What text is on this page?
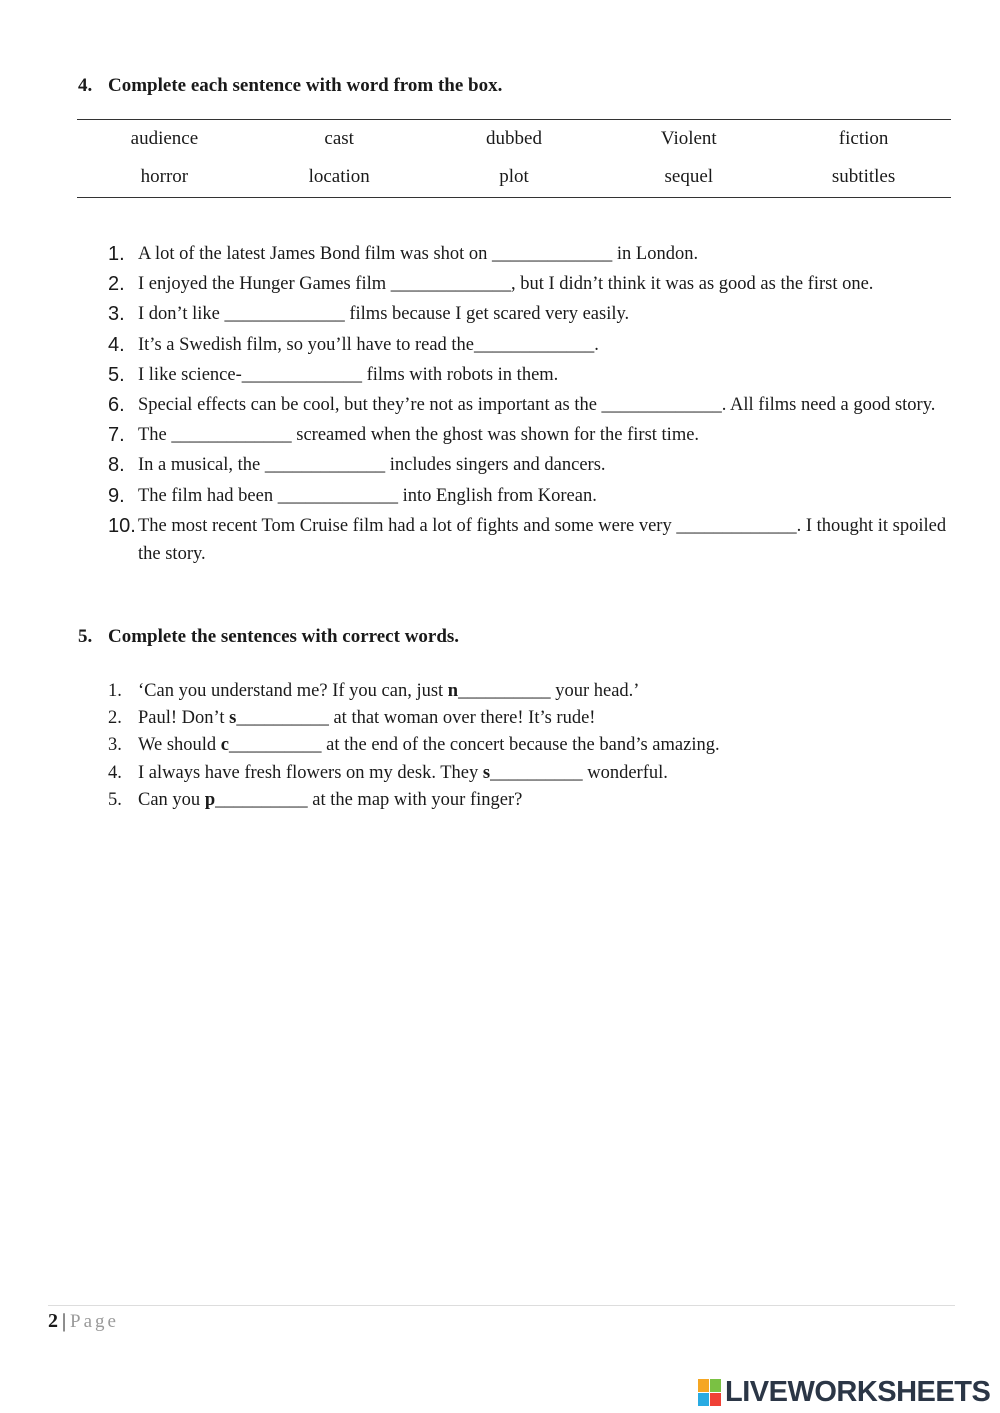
4. Complete each sentence with word from the box.
audience	cast	dubbed	Violent	fiction
horror	location	plot	sequel	subtitles
1. A lot of the latest James Bond film was shot on _____________ in London.
2. I enjoyed the Hunger Games film _____________, but I didn’t think it was as good as the first one.
3. I don’t like _____________ films because I get scared very easily.
4. It’s a Swedish film, so you’ll have to read the_____________.
5. I like science-_____________ films with robots in them.
6. Special effects can be cool, but they’re not as important as the _____________. All films need a good story.
7. The _____________ screamed when the ghost was shown for the first time.
8. In a musical, the _____________ includes singers and dancers.
9. The film had been _____________ into English from Korean.
10. The most recent Tom Cruise film had a lot of fights and some were very _____________. I thought it spoiled the story.
5. Complete the sentences with correct words.
1. ‘Can you understand me? If you can, just n__________ your head.’
2. Paul! Don’t s__________ at that woman over there! It’s rude!
3. We should c__________ at the end of the concert because the band’s amazing.
4. I always have fresh flowers on my desk. They s__________ wonderful.
5. Can you p__________ at the map with your finger?
2 | Page
LIVEWORKSHEETS
